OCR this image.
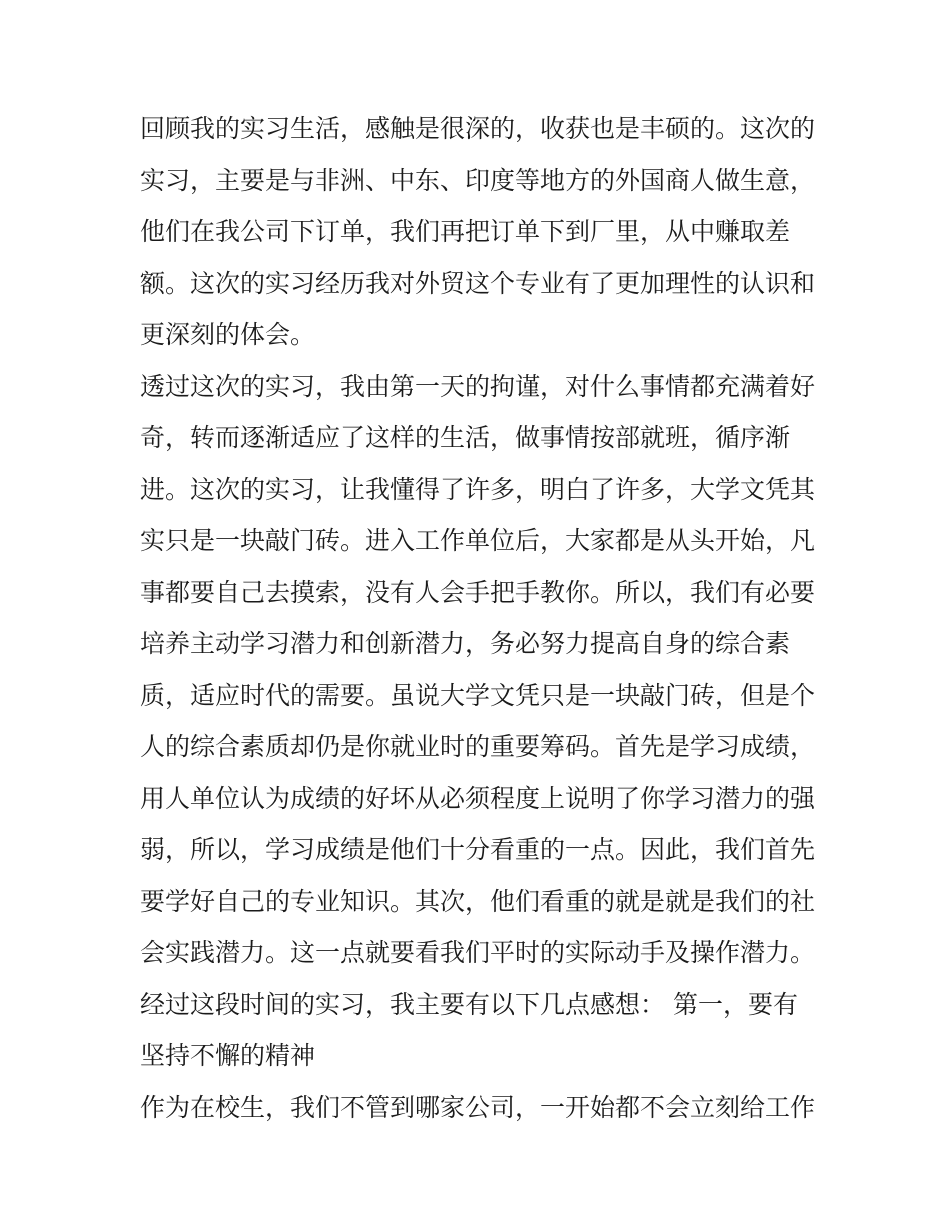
回顾我的实习生活，感触是很深的，收获也是丰硕的。这次的
实习，主要是与非洲、中东、印度等地方的外国商人做生意，
他们在我公司下订单，我们再把订单下到厂里，从中赚取差
额。这次的实习经历我对外贸这个专业有了更加理性的认识和
更深刻的体会。
透过这次的实习，我由第一天的拘谨，对什么事情都充满着好
奇，转而逐渐适应了这样的生活，做事情按部就班，循序渐
进。这次的实习，让我懂得了许多，明白了许多，大学文凭其
实只是一块敲门砖。进入工作单位后，大家都是从头开始，凡
事都要自己去摸索，没有人会手把手教你。所以，我们有必要
培养主动学习潜力和创新潜力，务必努力提高自身的综合素
质，适应时代的需要。虽说大学文凭只是一块敲门砖，但是个
人的综合素质却仍是你就业时的重要筹码。首先是学习成绩，
用人单位认为成绩的好坏从必须程度上说明了你学习潜力的强
弱，所以，学习成绩是他们十分看重的一点。因此，我们首先
要学好自己的专业知识。其次，他们看重的就是就是我们的社
会实践潜力。这一点就要看我们平时的实际动手及操作潜力。
经过这段时间的实习，我主要有以下几点感想： 第一，要有
坚持不懈的精神
作为在校生，我们不管到哪家公司，一开始都不会立刻给工作
